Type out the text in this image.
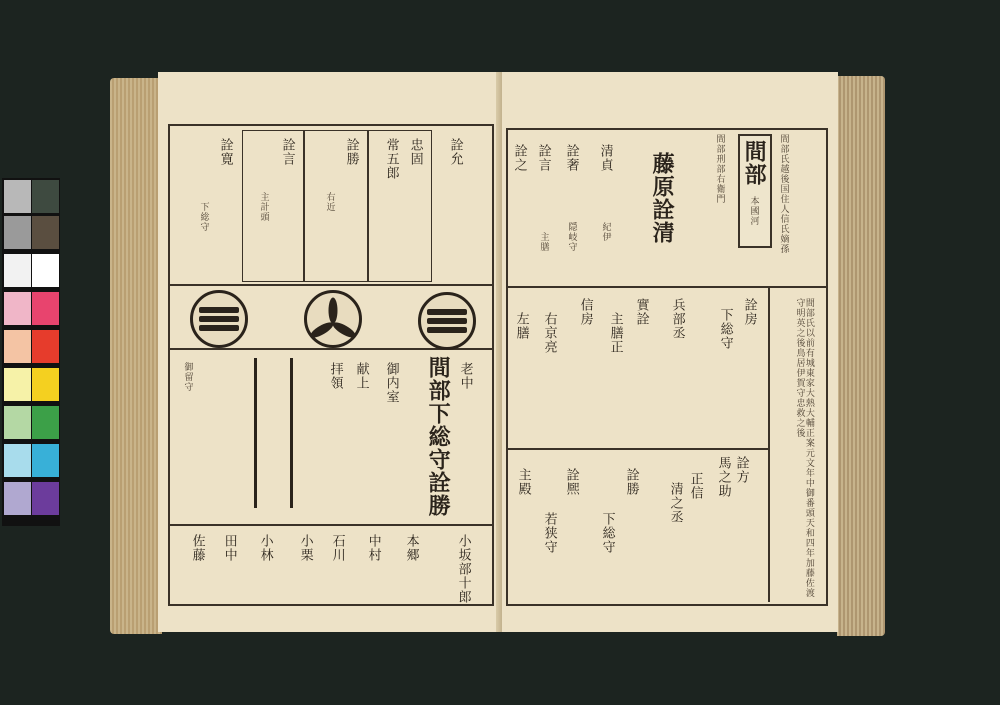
詮允
忠固
常五郎
詮勝
右近
詮言
主計頭
詮寛
下総守
間部下総守詮勝
御内室
献上
拝領	老中
御留守
小坂部十郎
本郷
中村
石川
小栗
小林
田中
佐藤
間部
本國河 間部氏越後国住人信氏嫡孫
間部刑部右衛門
藤原詮清
清貞
詮奢
詮言
詮之
紀伊
隠岐守
主膳
間部氏以前有城東家大熱大輔正案元文年中御番頭天和四年加藤佐渡守明英之後鳥居伊賀守忠救之後
詮房
下総守
兵部丞
實詮
主膳正
信房
右京亮
左膳
詮方
馬之助
正信
清之丞
詮勝
下総守
詮熈
若狭守
主殿
